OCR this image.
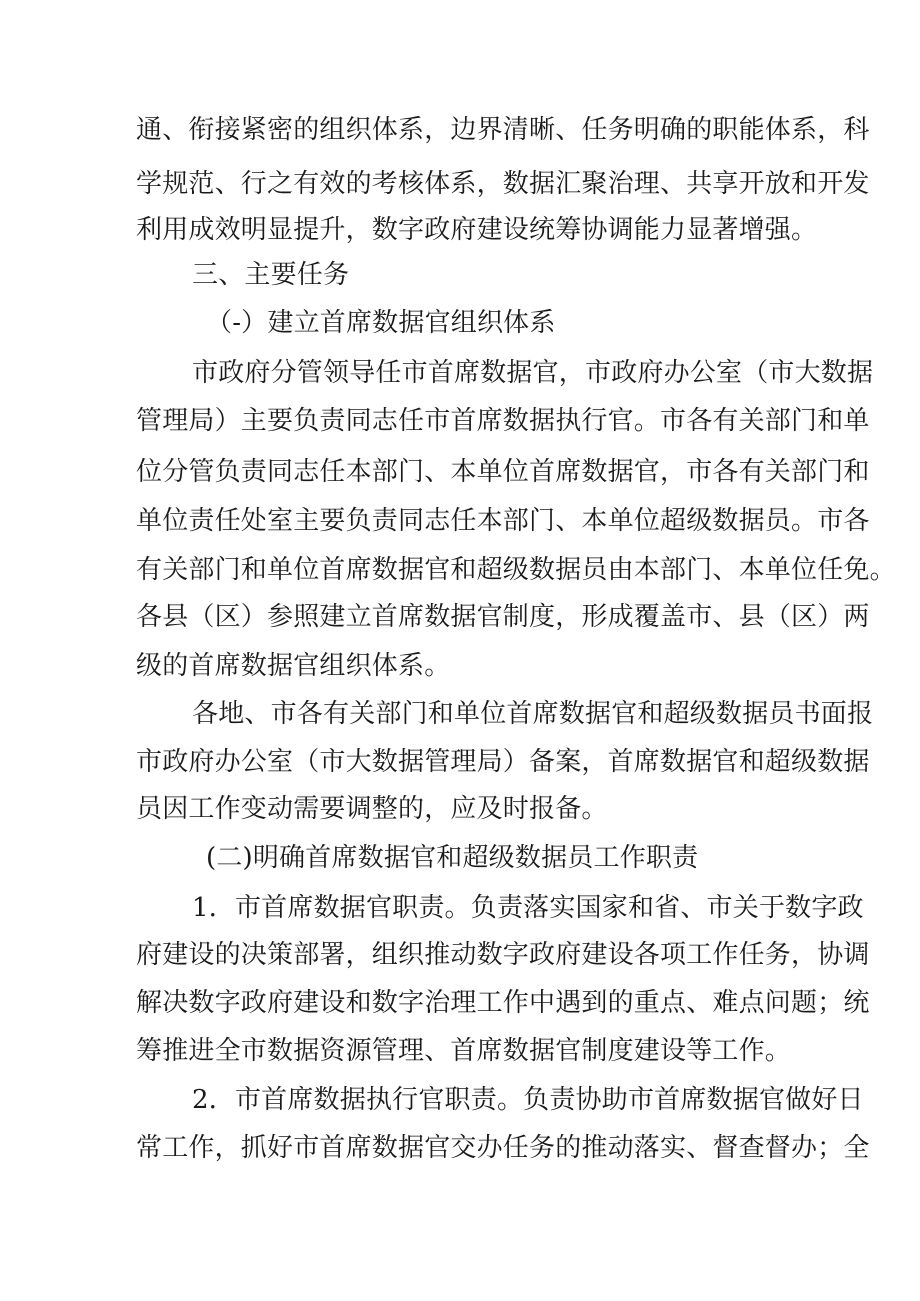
通、衔接紧密的组织体系，边界清晰、任务明确的职能体系，科
学规范、行之有效的考核体系，数据汇聚治理、共享开放和开发
利用成效明显提升，数字政府建设统筹协调能力显著增强。
三、主要任务
（-）建立首席数据官组织体系
市政府分管领导任市首席数据官，市政府办公室（市大数据
管理局）主要负责同志任市首席数据执行官。市各有关部门和单
位分管负责同志任本部门、本单位首席数据官，市各有关部门和
单位责任处室主要负责同志任本部门、本单位超级数据员。市各
有关部门和单位首席数据官和超级数据员由本部门、本单位任免。
各县（区）参照建立首席数据官制度，形成覆盖市、县（区）两
级的首席数据官组织体系。
各地、市各有关部门和单位首席数据官和超级数据员书面报
市政府办公室（市大数据管理局）备案，首席数据官和超级数据
员因工作变动需要调整的，应及时报备。
(二)明确首席数据官和超级数据员工作职责
1．市首席数据官职责。负责落实国家和省、市关于数字政
府建设的决策部署，组织推动数字政府建设各项工作任务，协调
解决数字政府建设和数字治理工作中遇到的重点、难点问题；统
筹推进全市数据资源管理、首席数据官制度建设等工作。
2．市首席数据执行官职责。负责协助市首席数据官做好日
常工作，抓好市首席数据官交办任务的推动落实、督查督办；全
